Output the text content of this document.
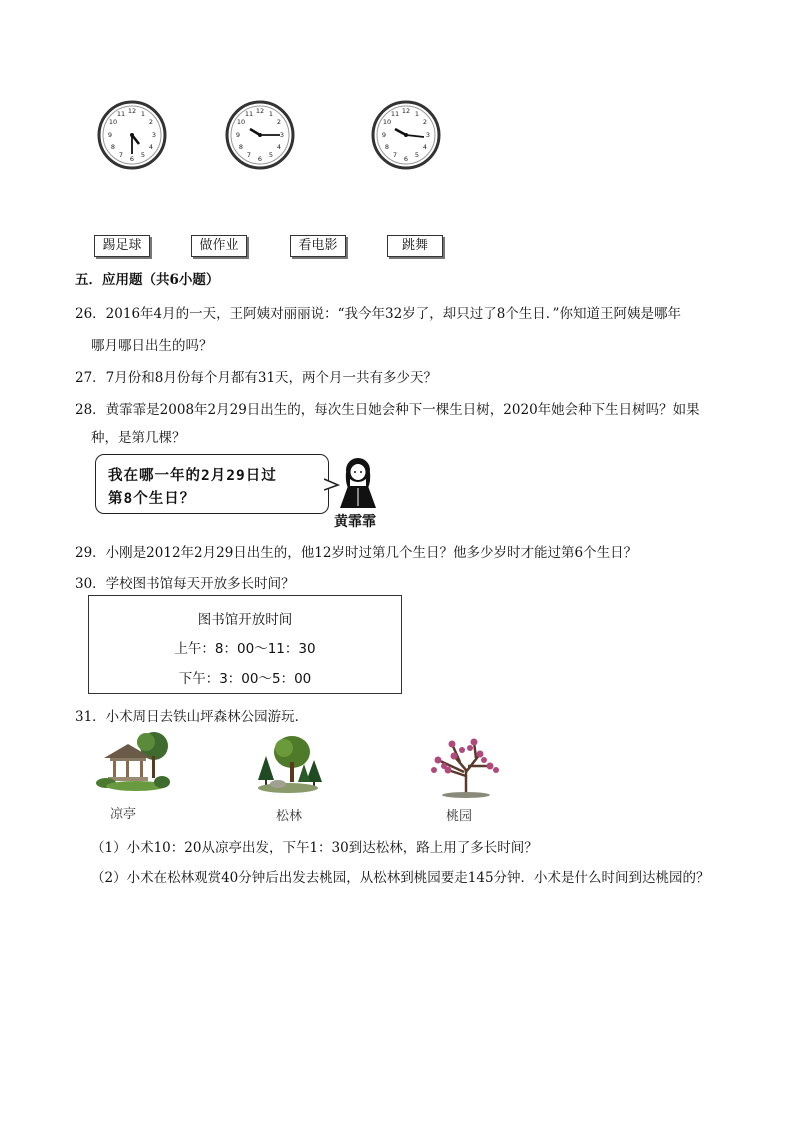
12 1
2
3
4
5
6
7
8
9
10
11	12 1
2
3
4
5
6
7
8
9
10
11	12 1
2
3
4
5
6
7
8
9
10
11
踢足球	做作业	看电影	跳舞
五．应用题（共6小题）
26．2016年4月的一天，王阿姨对丽丽说：“我今年32岁了，却只过了8个生日．”你知道王阿姨是哪年
哪月哪日出生的吗？
27．7月份和8月份每个月都有31天，两个月一共有多少天？
28．黄霏霏是2008年2月29日出生的，每次生日她会种下一棵生日树，2020年她会种下生日树吗？如果
种，是第几棵？
我在哪一年的2月29日过
第8个生日？
黄霏霏
29．小刚是2012年2月29日出生的，他12岁时过第几个生日？他多少岁时才能过第6个生日？
30．学校图书馆每天开放多长时间？
图书馆开放时间
上午：8：00～11：30
下午：3：00～5：00
31．小术周日去铁山坪森林公园游玩．
凉亭	松林	桃园
（1）小术10：20从凉亭出发，下午1：30到达松林，路上用了多长时间？
（2）小术在松林观赏40分钟后出发去桃园，从松林到桃园要走145分钟．小术是什么时间到达桃园的？
